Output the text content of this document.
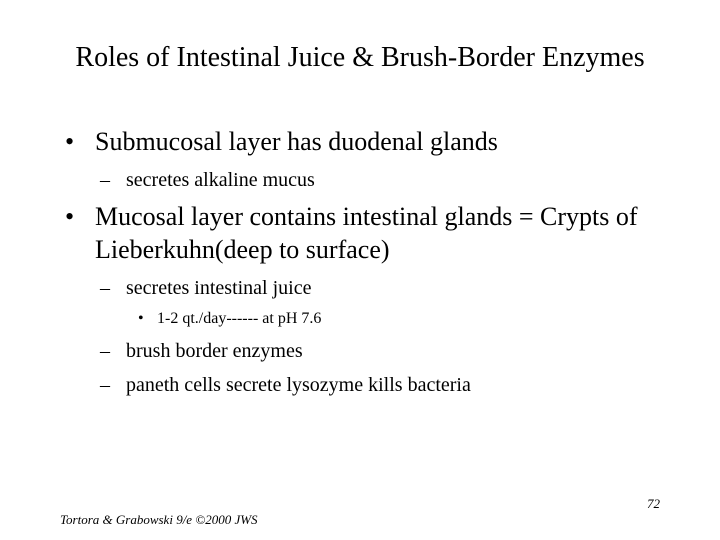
Roles of Intestinal Juice & Brush-Border Enzymes
• Submucosal layer has duodenal glands
– secretes alkaline mucus
• Mucosal layer contains intestinal glands = Crypts of
Lieberkuhn(deep to surface)
– secretes intestinal juice
• 1-2 qt./day------ at pH 7.6
– brush border enzymes
– paneth cells secrete lysozyme kills bacteria
72
Tortora & Grabowski 9/e ©2000 JWS
